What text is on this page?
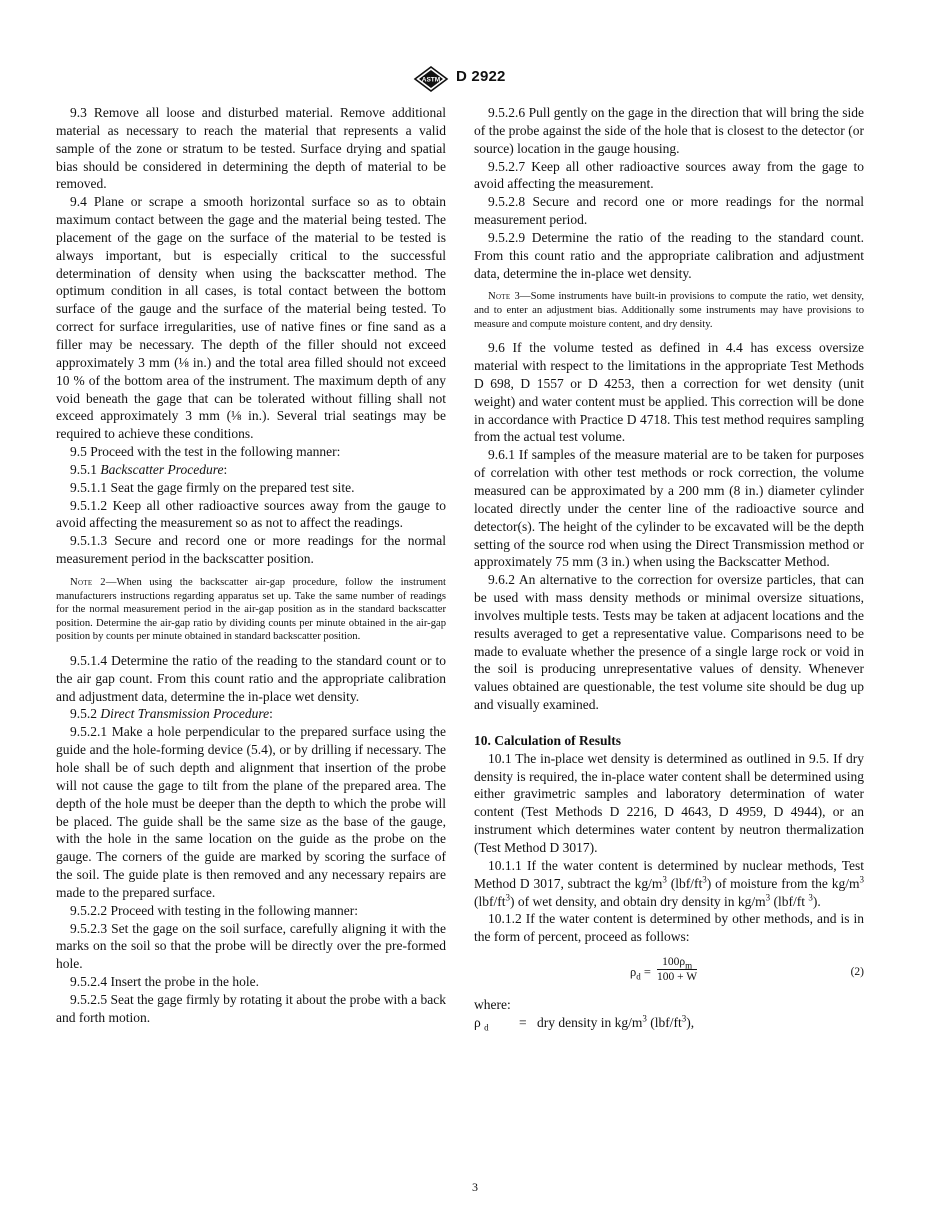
ASTM D 2922

9.3 Remove all loose and disturbed material. Remove additional material as necessary to reach the material that represents a valid sample of the zone or stratum to be tested. Surface drying and spatial bias should be considered in determining the depth of material to be removed.

9.4 Plane or scrape a smooth horizontal surface so as to obtain maximum contact between the gage and the material being tested. The placement of the gage on the surface of the material to be tested is always important, but is especially critical to the successful determination of density when using the backscatter method. The optimum condition in all cases, is total contact between the bottom surface of the gauge and the surface of the material being tested. To correct for surface irregularities, use of native fines or fine sand as a filler may be necessary. The depth of the filler should not exceed approximately 3 mm (⅛ in.) and the total area filled should not exceed 10 % of the bottom area of the instrument. The maximum depth of any void beneath the gage that can be tolerated without filling shall not exceed approximately 3 mm (⅛ in.). Several trial seatings may be required to achieve these conditions.

9.5 Proceed with the test in the following manner:

9.5.1 Backscatter Procedure:

9.5.1.1 Seat the gage firmly on the prepared test site.

9.5.1.2 Keep all other radioactive sources away from the gauge to avoid affecting the measurement so as not to affect the readings.

9.5.1.3 Secure and record one or more readings for the normal measurement period in the backscatter position.

Note 2—When using the backscatter air-gap procedure, follow the instrument manufacturers instructions regarding apparatus set up. Take the same number of readings for the normal measurement period in the air-gap position as in the standard backscatter position. Determine the air-gap ratio by dividing counts per minute obtained in the air-gap position by counts per minute obtained in standard backscatter position.

9.5.1.4 Determine the ratio of the reading to the standard count or to the air gap count. From this count ratio and the appropriate calibration and adjustment data, determine the in-place wet density.

9.5.2 Direct Transmission Procedure:

9.5.2.1 Make a hole perpendicular to the prepared surface using the guide and the hole-forming device (5.4), or by drilling if necessary. The hole shall be of such depth and alignment that insertion of the probe will not cause the gage to tilt from the plane of the prepared area. The depth of the hole must be deeper than the depth to which the probe will be placed. The guide shall be the same size as the base of the gauge, with the hole in the same location on the guide as the probe on the gauge. The corners of the guide are marked by scoring the surface of the soil. The guide plate is then removed and any necessary repairs are made to the prepared surface.

9.5.2.2 Proceed with testing in the following manner:

9.5.2.3 Set the gage on the soil surface, carefully aligning it with the marks on the soil so that the probe will be directly over the pre-formed hole.

9.5.2.4 Insert the probe in the hole.

9.5.2.5 Seat the gage firmly by rotating it about the probe with a back and forth motion.

9.5.2.6 Pull gently on the gage in the direction that will bring the side of the probe against the side of the hole that is closest to the detector (or source) location in the gauge housing.

9.5.2.7 Keep all other radioactive sources away from the gage to avoid affecting the measurement.

9.5.2.8 Secure and record one or more readings for the normal measurement period.

9.5.2.9 Determine the ratio of the reading to the standard count. From this count ratio and the appropriate calibration and adjustment data, determine the in-place wet density.

Note 3—Some instruments have built-in provisions to compute the ratio, wet density, and to enter an adjustment bias. Additionally some instruments may have provisions to measure and compute moisture content, and dry density.

9.6 If the volume tested as defined in 4.4 has excess oversize material with respect to the limitations in the appropriate Test Methods D 698, D 1557 or D 4253, then a correction for wet density (unit weight) and water content must be applied. This correction will be done in accordance with Practice D 4718. This test method requires sampling from the actual test volume.

9.6.1 If samples of the measure material are to be taken for purposes of correlation with other test methods or rock correction, the volume measured can be approximated by a 200 mm (8 in.) diameter cylinder located directly under the center line of the radioactive source and detector(s). The height of the cylinder to be excavated will be the depth setting of the source rod when using the Direct Transmission method or approximately 75 mm (3 in.) when using the Backscatter Method.

9.6.2 An alternative to the correction for oversize particles, that can be used with mass density methods or minimal oversize situations, involves multiple tests. Tests may be taken at adjacent locations and the results averaged to get a representative value. Comparisons need to be made to evaluate whether the presence of a single large rock or void in the soil is producing unrepresentative values of density. Whenever values obtained are questionable, the test volume site should be dug up and visually examined.

10. Calculation of Results

10.1 The in-place wet density is determined as outlined in 9.5. If dry density is required, the in-place water content shall be determined using either gravimetric samples and laboratory determination of water content (Test Methods D 2216, D 4643, D 4959, D 4944), or an instrument which determines water content by neutron thermalization (Test Method D 3017).

10.1.1 If the water content is determined by nuclear methods, Test Method D 3017, subtract the $kg/m^3$ $(lbf/ft^3)$ of moisture from the $kg/m^3$ $(lbf/ft^3)$ of wet density, and obtain dry density in $kg/m^3$ (lbf/ft $^3$).

10.1.2 If the water content is determined by other methods, and is in the form of percent, proceed as follows:

$\rho_d = \frac{100\rho_m}{100 + W}$	(2)
where:
ρ $_d$	= dry density in $kg/m^3$ $(lbf/ft^3)$,
3
